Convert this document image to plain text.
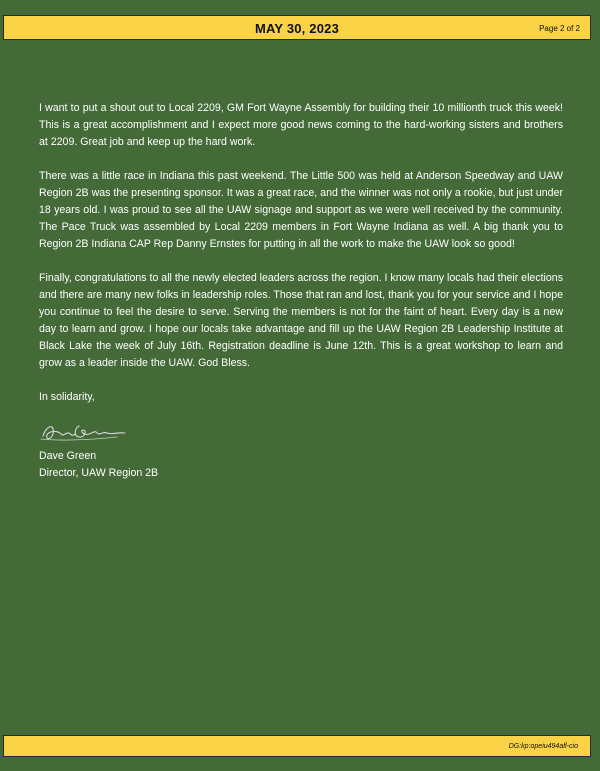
MAY 30, 2023	Page 2 of 2

I want to put a shout out to Local 2209, GM Fort Wayne Assembly for building their 10 millionth truck this week! This is a great accomplishment and I expect more good news coming to the hard-working sisters and brothers at 2209. Great job and keep up the hard work.

There was a little race in Indiana this past weekend. The Little 500 was held at Anderson Speedway and UAW Region 2B was the presenting sponsor. It was a great race, and the winner was not only a rookie, but just under 18 years old. I was proud to see all the UAW signage and support as we were well received by the community. The Pace Truck was assembled by Local 2209 members in Fort Wayne Indiana as well. A big thank you to Region 2B Indiana CAP Rep Danny Ernstes for putting in all the work to make the UAW look so good!

Finally, congratulations to all the newly elected leaders across the region. I know many locals had their elections and there are many new folks in leadership roles. Those that ran and lost, thank you for your service and I hope you continue to feel the desire to serve. Serving the members is not for the faint of heart. Every day is a new day to learn and grow. I hope our locals take advantage and fill up the UAW Region 2B Leadership Institute at Black Lake the week of July 16th. Registration deadline is June 12th. This is a great workshop to learn and grow as a leader inside the UAW. God Bless.

In solidarity,
Dave Green
Director, UAW Region 2B
DG:kp:opeiu494afl-cio
